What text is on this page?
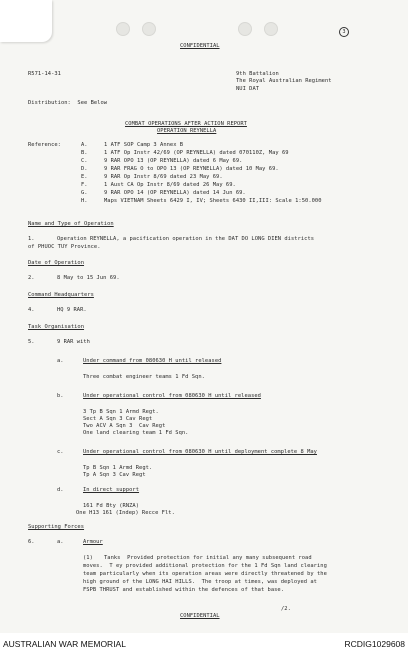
3
CONFIDENTIAL
R571-14-31	9th Battalion
The Royal Australian Regiment
NUI DAT
Distribution:  See Below
COMBAT OPERATIONS AFTER ACTION REPORT
OPERATION REYNELLA
Reference:	A.	1 ATF SOP Camp 3 Annex B
B.	1 ATF Op Instr 42/69 (OP REYNELLA) dated 070110Z, May 69
C.	9 RAR OPO 13 (OP REYNELLA) dated 6 May 69.
D.	9 RAR FRAG O to OPO 13 (OP REYNELLA) dated 10 May 69.
E.	9 RAR Op Instr 8/69 dated 23 May 69.
F.	1 Aust CA Op Instr 8/69 dated 26 May 69.
G.	9 RAR OPO 14 (OP REYNELLA) dated 14 Jun 69.
H.	Maps VIETNAM Sheets 6429 I, IV; Sheets 6430 II,III: Scale 1:50.000
Name and Type of Operation
1.	Operation REYNELLA, a pacification operation in the DAT DO LONG DIEN districts
of PHUOC TUY Province.
Date of Operation
2.	8 May to 15 Jun 69.
Command Headquarters
4.	HQ 9 RAR.
Task Organisation
5.	9 RAR with
a.	Under command from 080630 H until released
Three combat engineer teams 1 Fd Sqn.
b.	Under operational control from 080630 H until released
3 Tp B Sqn 1 Armd Regt.
Sect A Sqn 3 Cav Regt
Two ACV A Sqn 3  Cav Regt
One land clearing team 1 Fd Sqn.
c.	Under operational control from 080630 H until deployment complete 8 May
Tp B Sqn 1 Armd Regt.
Tp A Sqn 3 Cav Regt
d.	In direct support
161 Fd Bty (RNZA)
One H13 161 (Indep) Recce Flt.
Supporting Forces
6.	a.	Armour
(1) Tanks  Provided protection for initial any many subsequent road
moves.  T ey provided additional protection for the 1 Fd Sqn land clearing
team particularly when its operation areas were directly threatened by the
high ground of the LONG HAI HILLS.  The troop at times, was deployed at
FSPB THRUST and established within the defences of that base.
CONFIDENTIAL
/2.
AUSTRALIAN WAR MEMORIAL	RCDIG1029608
